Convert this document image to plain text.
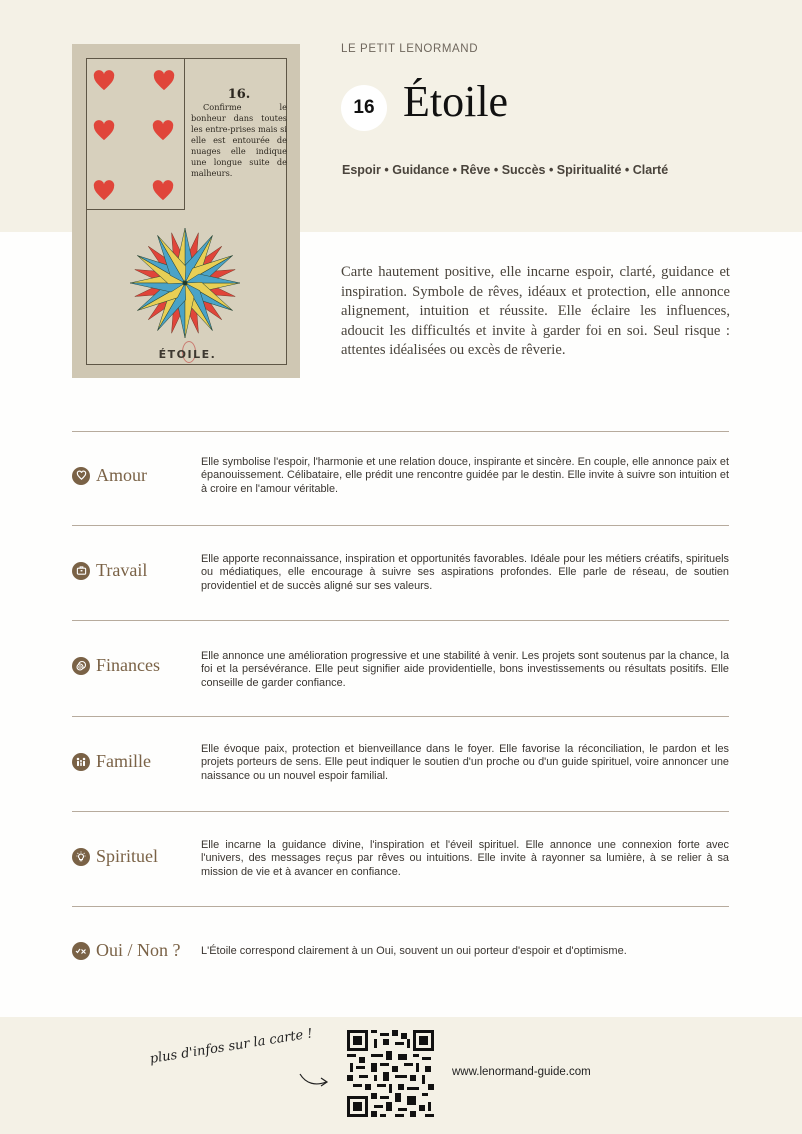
16.
Confirme le bonheur dans toutes les entre-prises mais si elle est entourée de nuages elle indique une longue suite de malheurs.
ÉTOILE.
LE PETIT LENORMAND
16 Étoile
Espoir • Guidance • Rêve • Succès • Spiritualité • Clarté

Carte hautement positive, elle incarne espoir, clarté, guidance et inspiration. Symbole de rêves, idéaux et protection, elle annonce alignement, intuition et réussite. Elle éclaire les influences, adoucit les difficultés et invite à garder foi en soi. Seul risque : attentes idéalisées ou excès de rêverie.

Amour
Elle symbolise l'espoir, l'harmonie et une relation douce, inspirante et sincère. En couple, elle annonce paix et épanouissement. Célibataire, elle prédit une rencontre guidée par le destin. Elle invite à suivre son intuition et à croire en l'amour véritable.
Travail
Elle apporte reconnaissance, inspiration et opportunités favorables. Idéale pour les métiers créatifs, spirituels ou médiatiques, elle encourage à suivre ses aspirations profondes. Elle parle de réseau, de soutien providentiel et de succès aligné sur ses valeurs.
Finances	Elle annonce une amélioration progressive et une stabilité à venir. Les projets sont soutenus par la chance, la foi et la persévérance. Elle peut signifier aide providentielle, bons investissements ou résultats positifs. Elle conseille de garder confiance.
Famille
Elle évoque paix, protection et bienveillance dans le foyer. Elle favorise la réconciliation, le pardon et les projets porteurs de sens. Elle peut indiquer le soutien d'un proche ou d'un guide spirituel, voire annoncer une naissance ou un nouvel espoir familial.
Spirituel
Elle incarne la guidance divine, l'inspiration et l'éveil spirituel. Elle annonce une connexion forte avec l'univers, des messages reçus par rêves ou intuitions. Elle invite à rayonner sa lumière, à se relier à sa mission de vie et à avancer en confiance.
Oui / Non ? L'Étoile correspond clairement à un Oui, souvent un oui porteur d'espoir et d'optimisme.
plus d'infos sur la carte !
www.lenormand-guide.com
